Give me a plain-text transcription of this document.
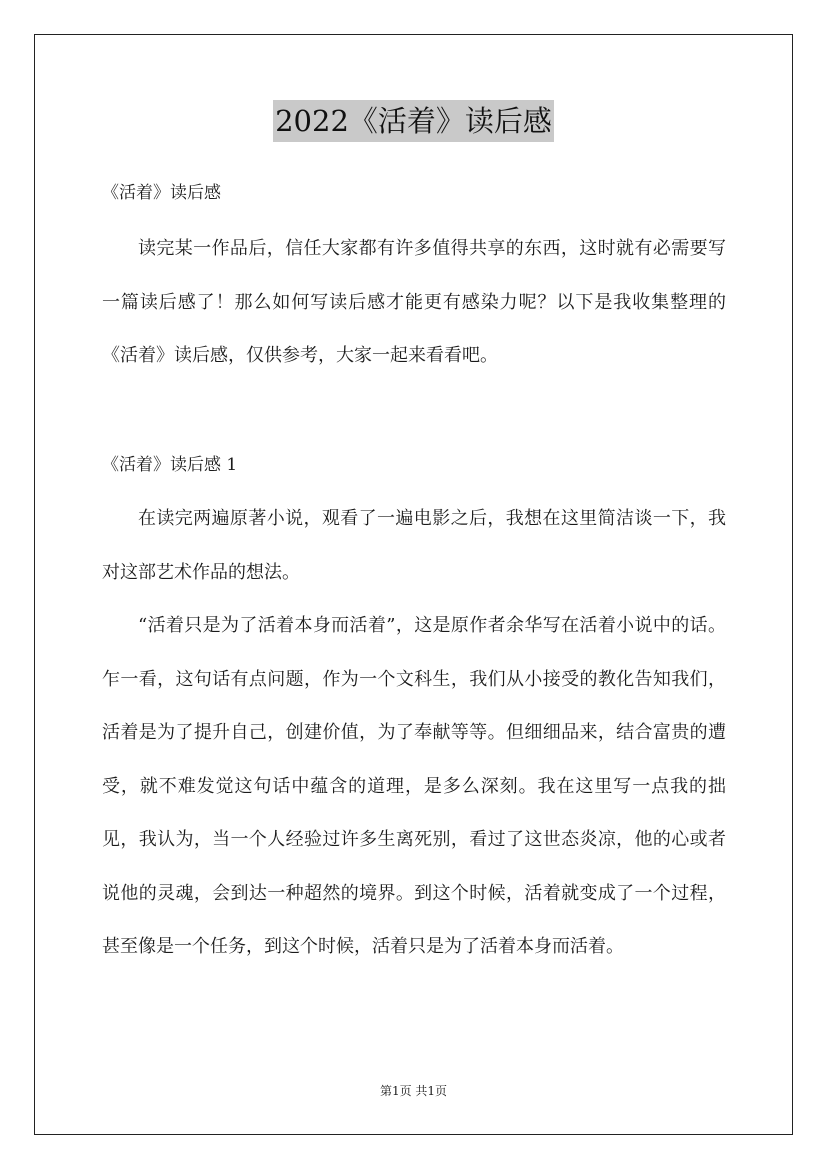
2022《活着》读后感
《活着》读后感

读完某一作品后，信任大家都有许多值得共享的东西，这时就有必需要写一篇读后感了！那么如何写读后感才能更有感染力呢？以下是我收集整理的《活着》读后感，仅供参考，大家一起来看看吧。

《活着》读后感 1

在读完两遍原著小说，观看了一遍电影之后，我想在这里简洁谈一下，我对这部艺术作品的想法。

“活着只是为了活着本身而活着”，这是原作者余华写在活着小说中的话。乍一看，这句话有点问题，作为一个文科生，我们从小接受的教化告知我们，活着是为了提升自己，创建价值，为了奉献等等。但细细品来，结合富贵的遭受，就不难发觉这句话中蕴含的道理，是多么深刻。我在这里写一点我的拙见，我认为，当一个人经验过许多生离死别，看过了这世态炎凉，他的心或者说他的灵魂，会到达一种超然的境界。到这个时候，活着就变成了一个过程，甚至像是一个任务，到这个时候，活着只是为了活着本身而活着。

第1页 共1页
